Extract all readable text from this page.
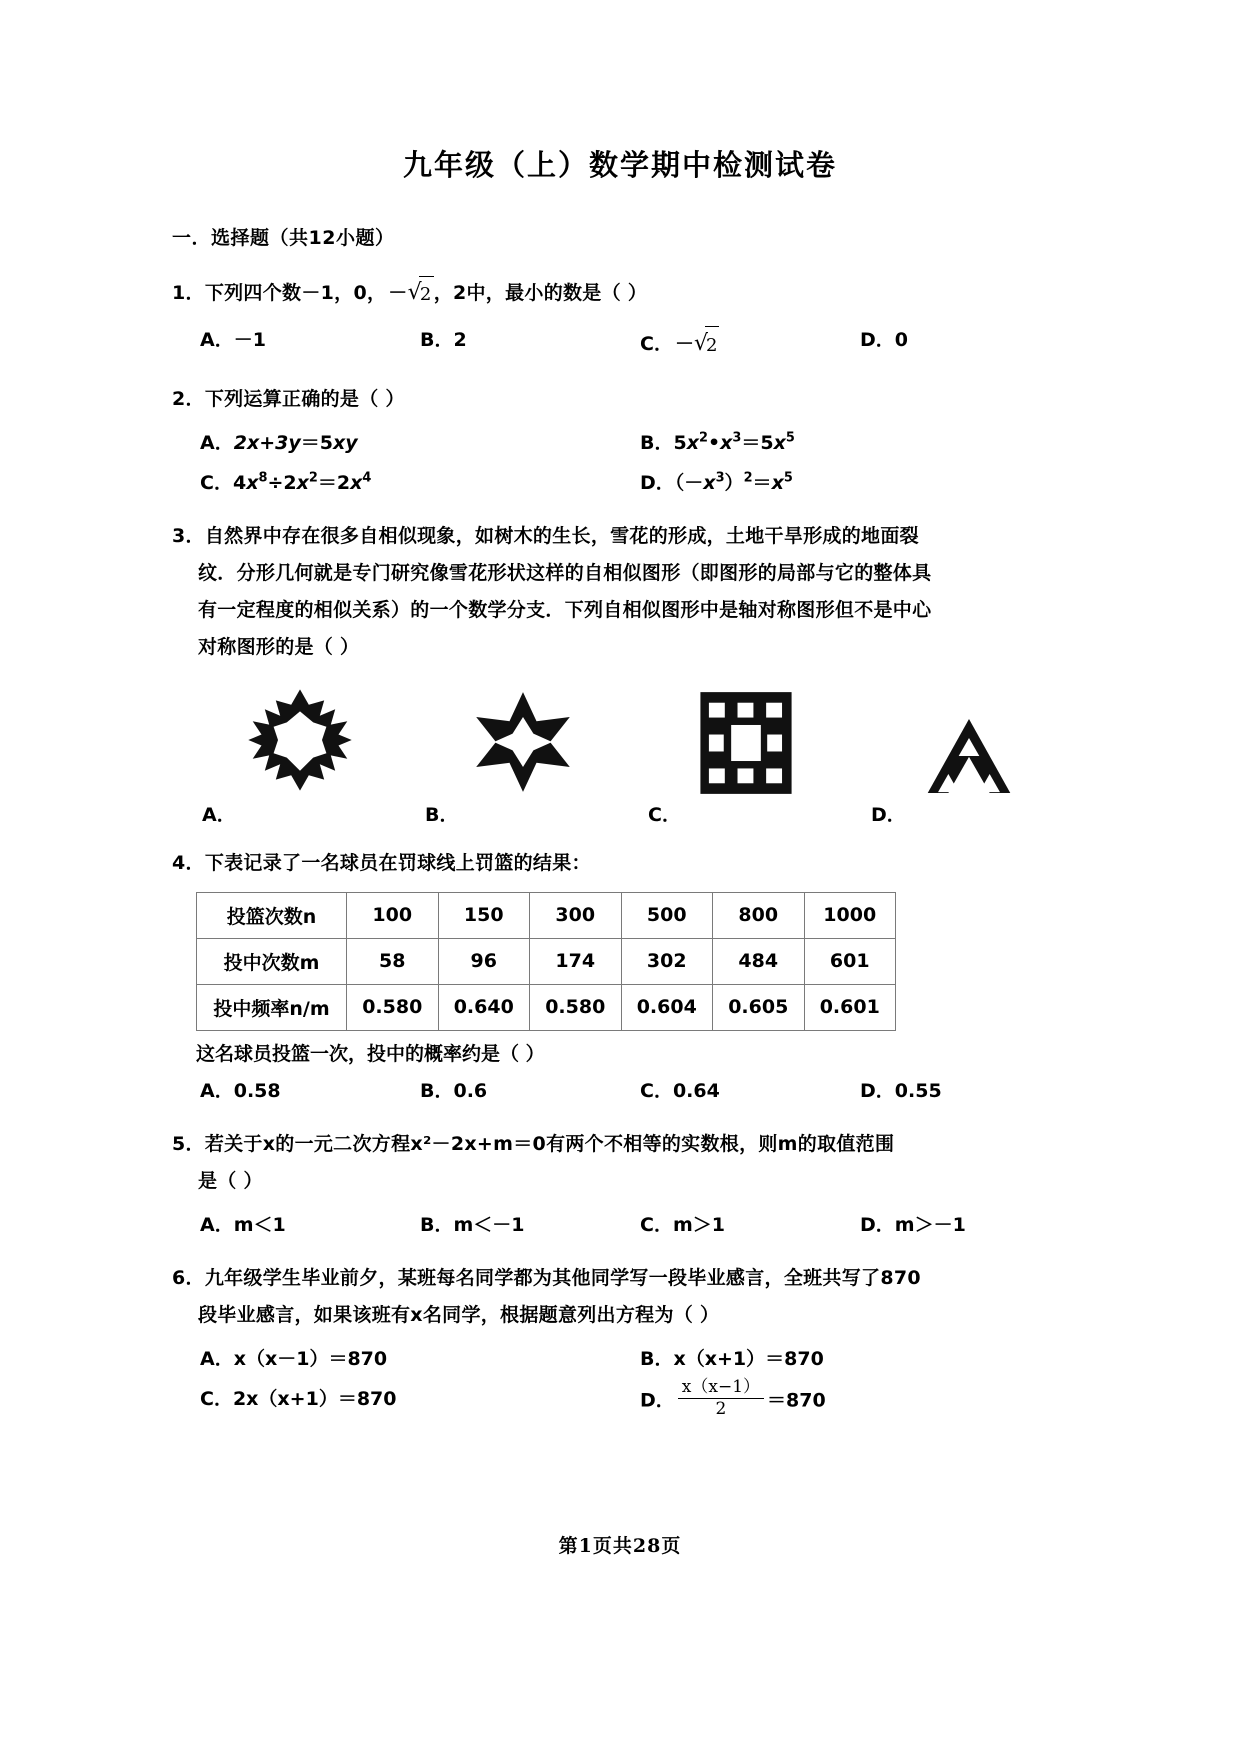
九年级（上）数学期中检测试卷
一．选择题（共12小题）
1．下列四个数－1，0， －√2 ，2中，最小的数是（ ）
A．－1	B．2	C． －√2	D．0
2．下列运算正确的是（ ）
A．2x+3y＝5xy	B．$5x^2•x^3=5x^5$
C．$4x^8\div 2x^2=2x^4$	D．$(-x^3)^2=x^5$
3．自然界中存在很多自相似现象，如树木的生长，雪花的形成，土地干旱形成的地面裂
纹．分形几何就是专门研究像雪花形状这样的自相似图形（即图形的局部与它的整体具
有一定程度的相似关系）的一个数学分支．下列自相似图形中是轴对称图形但不是中心
对称图形的是（ ）
A．	B．	C．	D．
4．下表记录了一名球员在罚球线上罚篮的结果：
投篮次数n	100	150	300	500	800	1000
投中次数m	58	96	174	302	484	601
投中频率n/m	0.580	0.640	0.580	0.604	0.605	0.601
这名球员投篮一次，投中的概率约是（ ）
A．0.58	B．0.6	C．0.64	D．0.55
5．若关于x的一元二次方程x²－2x+m＝0有两个不相等的实数根，则m的取值范围
是（ ）
A．m＜1	B．m＜－1	C．m＞1	D．m＞－1
6．九年级学生毕业前夕，某班每名同学都为其他同学写一段毕业感言，全班共写了870
段毕业感言，如果该班有x名同学，根据题意列出方程为（ ）
A．x（x－1）＝870	B．x（x+1）＝870
C．2x（x+1）＝870	D． $\frac{x(x-1)}{2} =870$
第1页共28页
